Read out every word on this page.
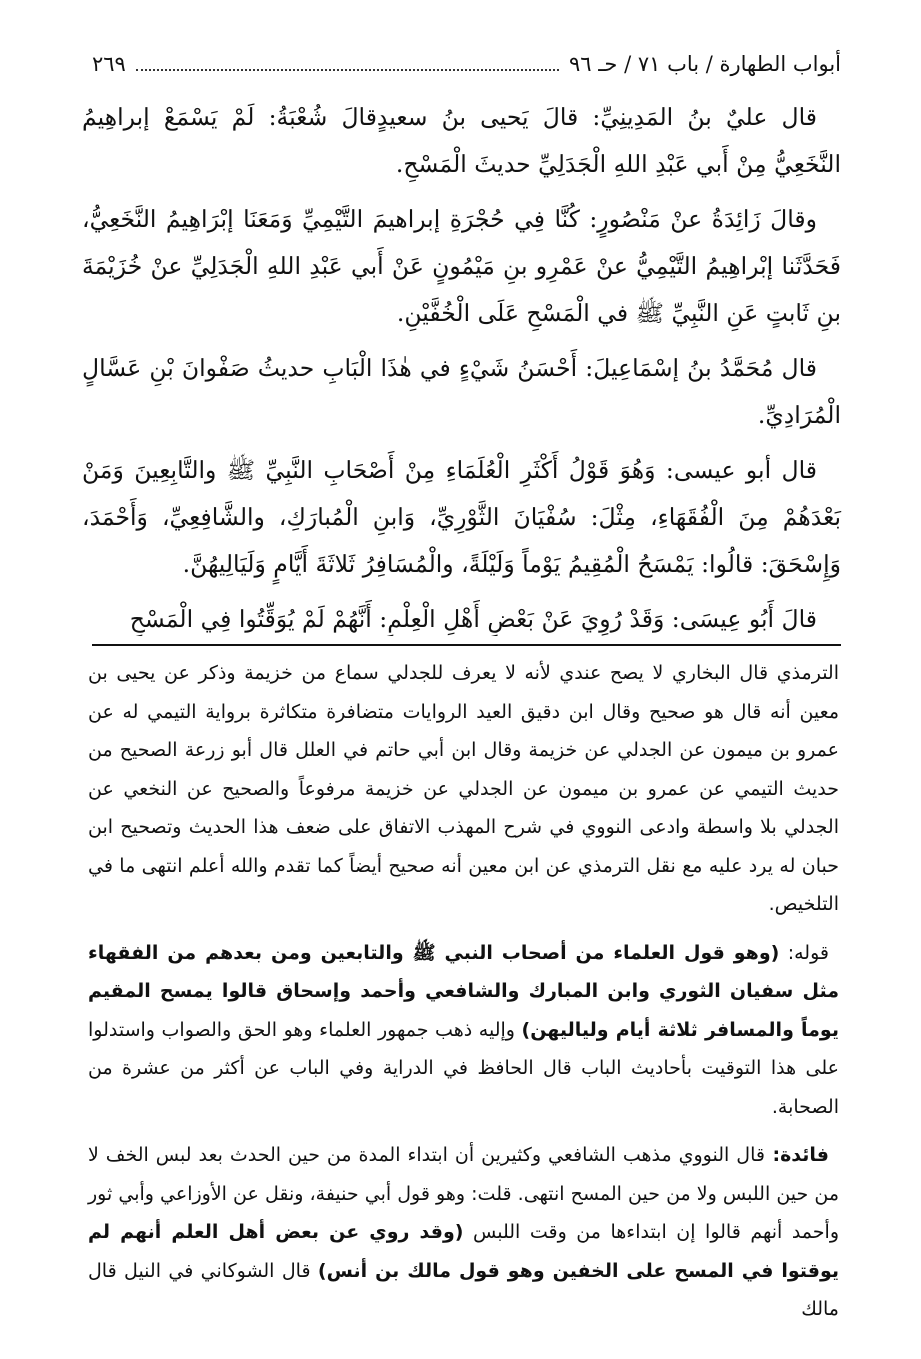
أبواب الطهارة / باب ٧١ / حـ ٩٦
٢٦٩

قال عليٌ بنُ المَدِينِيِّ: قالَ يَحيى بنُ سعيدٍقالَ شُعْبَةُ: لَمْ يَسْمَعْ إبراهِيمُ النَّخَعِيُّ مِنْ أَبي عَبْدِ اللهِ الْجَدَلِيِّ حديثَ الْمَسْحِ.

وقالَ زَائِدَةُ عنْ مَنْصُورٍ: كُنَّا فِي حُجْرَةِ إبراهيمَ التَّيْمِيِّ وَمَعَنَا إبْرَاهِيمُ النَّخَعِيُّ، فَحَدَّثَنا إبْراهِيمُ التَّيْمِيُّ عنْ عَمْرِو بنِ مَيْمُونٍ عَنْ أَبي عَبْدِ اللهِ الْجَدَلِيِّ عنْ خُزَيْمَةَ بنِ ثَابتٍ عَنِ النَّبِيِّ ﷺ في الْمَسْحِ عَلَى الْخُفَّيْنِ.

قال مُحَمَّدُ بنُ إسْمَاعِيلَ: أَحْسَنُ شَيْءٍ في هٰذَا الْبَابِ حديثُ صَفْوانَ بْنِ عَسَّالٍ الْمُرَادِيِّ.

قال أبو عيسى: وَهُوَ قَوْلُ أَكْثَرِ الْعُلَمَاءِ مِنْ أَصْحَابِ النَّبِيِّ ﷺ والتَّابِعِينَ وَمَنْ بَعْدَهُمْ مِنَ الْفُقَهَاءِ، مِثْلَ: سُفْيَانَ الثَّوْرِيِّ، وَابنِ الْمُبارَكِ، والشَّافِعِيِّ، وَأَحْمَدَ، وَإِسْحَقَ: قالُوا: يَمْسَحُ الْمُقِيمُ يَوْماً وَلَيْلَةً، والْمُسَافِرُ ثَلاثَةَ أَيَّامٍ وَلَيَالِيهُنَّ.

قالَ أَبُو عِيسَى: وَقَدْ رُوِيَ عَنْ بَعْضِ أَهْلِ الْعِلْمِ: أَنَّهُمْ لَمْ يُوَقِّتُوا فِي الْمَسْحِ

الترمذي قال البخاري لا يصح عندي لأنه لا يعرف للجدلي سماع من خزيمة وذكر عن يحيى بن معين أنه قال هو صحيح وقال ابن دقيق العيد الروايات متضافرة متكاثرة برواية التيمي له عن عمرو بن ميمون عن الجدلي عن خزيمة وقال ابن أبي حاتم في العلل قال أبو زرعة الصحيح من حديث التيمي عن عمرو بن ميمون عن الجدلي عن خزيمة مرفوعاً والصحيح عن النخعي عن الجدلي بلا واسطة وادعى النووي في شرح المهذب الاتفاق على ضعف هذا الحديث وتصحيح ابن حبان له يرد عليه مع نقل الترمذي عن ابن معين أنه صحيح أيضاً كما تقدم والله أعلم انتهى ما في التلخيص.

قوله: (وهو قول العلماء من أصحاب النبي ﷺ والتابعين ومن بعدهم من الفقهاء مثل سفيان الثوري وابن المبارك والشافعي وأحمد وإسحاق قالوا يمسح المقيم يوماً والمسافر ثلاثة أيام ولياليهن) وإليه ذهب جمهور العلماء وهو الحق والصواب واستدلوا على هذا التوقيت بأحاديث الباب قال الحافظ في الدراية وفي الباب عن أكثر من عشرة من الصحابة.

فائدة: قال النووي مذهب الشافعي وكثيرين أن ابتداء المدة من حين الحدث بعد لبس الخف لا من حين اللبس ولا من حين المسح انتهى. قلت: وهو قول أبي حنيفة، ونقل عن الأوزاعي وأبي ثور وأحمد أنهم قالوا إن ابتداءها من وقت اللبس (وقد روي عن بعض أهل العلم أنهم لم يوقتوا في المسح على الخفين وهو قول مالك بن أنس) قال الشوكاني في النيل قال مالك
